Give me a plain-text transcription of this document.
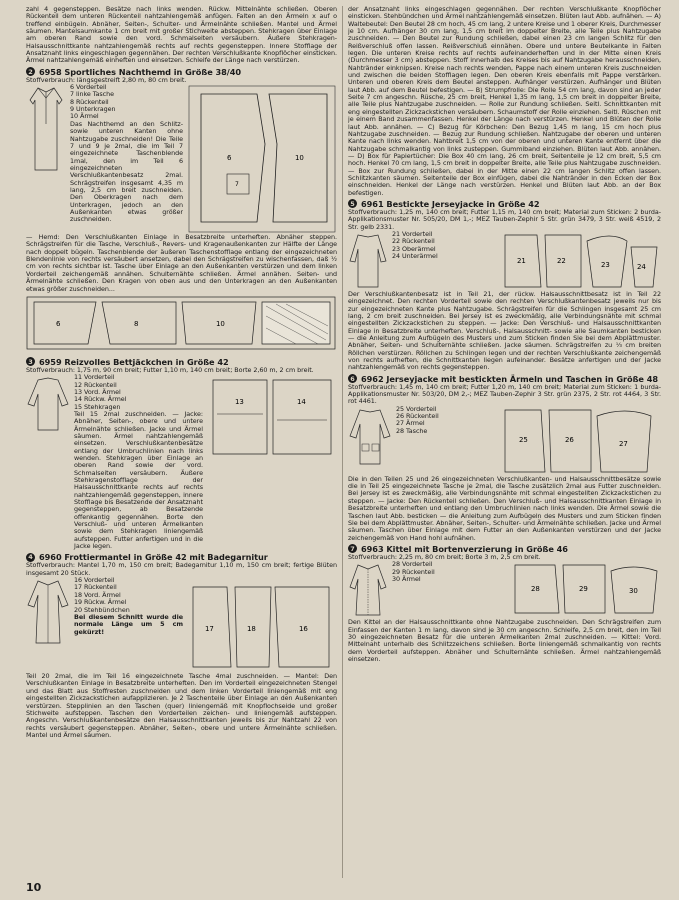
zahl 4 gegensteppen. Besätze nach links wenden. Rückw. Mittelnähte schließen. Oberen Rückenteil dem unteren Rückenteil nahtzahlengemäß anfügen. Falten an den Ärmeln x auf o treffend einbügeln. Abnäher, Seiten-, Schulter- und Ärmelnähte schließen. Mantel und Ärmel säumen. Mantelsaumkante 1 cm breit mit großer Stichweite absteppen. Stehkragen über Einlage am oberen Rand sowie den vord. Schmalseiten versäubern. Äußere Stehkragen-Halsausschnittkante nahtzahlengemäß rechts auf rechts gegensteppen. Innere Stofflage der Ansatznaht links eingeschlagen gegennähen. Der rechten Verschlußkante Knopflöcher einsticken. Ärmel nahtzahlengemäß einheften und einsetzen. Schleife der Länge nach verstürzen.

2 6958 Sportliches Nachthemd in Größe 38/40

Stoffverbrauch: längsgestreift 2,80 m, 80 cm breit.

6 Vorderteil
7 linke Tasche
8 Rückenteil
9 Unterkragen
10 Ärmel

Das Nachthemd an den Schlitz-sowie unteren Kanten ohne Nahtzugabe zuschneiden! Die Teile 7 und 9 je 2mal, die im Teil 7 eingezeichnete Taschenblende 1mal, den im Teil 6 eingezeichneten Verschlußkantenbesatz 2mal. Schrägstreifen insgesamt 4,35 m lang, 2,5 cm breit zuschneiden. Den Oberkragen nach dem Unterkragen, jedoch an den Außenkanten etwas größer zuschneiden.

6	10
7

— Hemd: Den Verschlußkanten Einlage in Besatzbreite unterheften. Abnäher steppen. Schrägstreifen für die Tasche, Verschluß-, Revers- und Kragenaußenkanten zur Hälfte der Länge nach doppelt bügeln. Taschenblende der äußeren Taschenstofflage entlang der eingezeichneten Blendenlinie von rechts versäubert ansetzen, dabei den Schrägstreifen zu wischenfassen, daß ½ cm von rechts sichtbar ist. Tasche über Einlage an den Außenkanten verstürzen und dem linken Vorderteil zeichengemäß annähen. Schulternähte schließen. Ärmel annähen. Seiten- und Ärmelnähte schließen. Den Kragen von oben aus und den Unterkragen an den Außenkanten etwas größer zuschneiden...

6	8	10
3 6959 Reizvolles Bettjäckchen in Größe 42

Stoffverbrauch: 1,75 m, 90 cm breit; Futter 1,10 m, 140 cm breit; Borte 2,60 m, 2 cm breit.

11 Vorderteil
12 Rückenteil
13 Vord. Ärmel
14 Rückw. Ärmel
15 Stehkragen

Teil 15 2mal zuschneiden. — Jacke: Abnäher, Seiten-, obere und untere Ärmelnähte schließen. Jacke und Ärmel säumen. Ärmel nahtzahlengemäß einsetzen. Verschlußkantenbesätze entlang der Umbruchlinien nach links wenden. Stehkragen über Einlage an oberen Rand sowie der vord. Schmalseiten versäubern. Äußere Stehkragenstofflage der Halsausschnittkante rechts auf rechts nahtzahlengemäß gegensteppen, innere Stofflage bis Besatzende der Ansatznaht gegensteppen, ab Besatzende offenkantig gegennähen. Borte den Verschluß- und unteren Ärmelkanten sowie dem Stehkragen liniengemäß aufsteppen. Futter anfertigen und in die Jacke legen.

13	14
4 6960 Frottiermantel in Größe 42 mit Badegarnitur

Stoffverbrauch: Mantel 1,70 m, 150 cm breit; Badegarnitur 1,10 m, 150 cm breit; fertige Blüten insgesamt 20 Stück.

16 Vorderteil
17 Rückenteil
18 Vord. Ärmel
19 Rückw. Ärmel
20 Stehbündchen

Bei diesem Schnitt wurde die normale Länge um 5 cm gekürzt!	17	18	16

Teil 20 2mal, die im Teil 16 eingezeichnete Tasche 4mal zuschneiden. — Mantel: Den Verschlußkanten Einlage in Besatzbreite unterheften. Den im Vorderteil eingezeichneten Stengel und das Blatt aus Stoffresten zuschneiden und dem linken Vorderteil liniengemäß mit eng eingestellten Zickzackstichen aufapplizieren. Je 2 Taschenteile über Einlage an den Außenkanten verstürzen. Stepplinien an den Taschen (quer) liniengemäß mit Knopflochseide und großer Stichweite aufsteppen. Taschen den Vorderteilen zeichen- und liniengemäß aufsteppen. Angeschn. Verschlußkantenbesätze den Halsausschnittkanten jeweils bis zur Nahtzahl 22 von rechts versäubert gegensteppen. Abnäher, Seiten-, obere und untere Ärmelnähte schließen. Mantel und Ärmel säumen.

der Ansatznaht links eingeschlagen gegennähen. Der rechten Verschlußkante Knopflöcher einsticken. Stehbündchen und Ärmel nahtzahlengemäß einsetzen. Blüten laut Abb. aufnähen. — A) Waltebeutel: Den Beutel 28 cm hoch, 45 cm lang, 2 untere Kreise und 1 oberer Kreis, Durchmesser je 10 cm. Aufhänger 30 cm lang, 1,5 cm breit im doppelter Breite, alle Teile plus Nahtzugabe zuschneiden. — Den Beutel zur Rundung schließen, dabei einen 23 cm langen Schlitz für den Reißverschluß offen lassen. Reißverschluß einnähen. Obere und untere Beutelkante in Falten legen. Die unteren Kreise rechts auf rechts aufeinanderheften und in der Mitte einen Kreis (Durchmesser 3 cm) absteppen. Stoff innerhalb des Kreises bis auf Nahtzugabe herausschneiden, Nahtränder einknipsen. Kreise nach rechts wenden, Pappe nach einem unteren Kreis zuschneiden und zwischen die beiden Stofflagen legen. Den oberen Kreis ebenfalls mit Pappe verstärken. Unteren und oberen Kreis dem Beutel ansteppen. Aufhänger verstürzen. Aufhänger und Blüten laut Abb. auf dem Beutel befestigen. — B) Strumpfrolle: Die Rolle 54 cm lang, davon sind an jeder Seite 7 cm angeschn. Rüsche, 25 cm breit, Henkel 1,35 m lang, 1,5 cm breit in doppelter Breite, alle Teile plus Nahtzugabe zuschneiden. — Rolle zur Rundung schließen. Seitl. Schnittkanten mit eng eingestellten Zickzackstichen versäubern. Schaumstoff der Rolle einziehen. Seitl. Rüschen mit je einem Band zusammenfassen. Henkel der Länge nach verstürzen. Henkel und Blüten der Rolle laut Abb. annähen. — C) Bezug für Körbchen: Den Bezug 1,45 m lang, 15 cm hoch plus Nahtzugabe zuschneiden. — Bezug zur Rundung schließen. Nahtzugabe der oberen und unteren Kante nach links wenden. Nahtbreit 1,5 cm von der oberen und unteren Kante entfernt über die Nahtzugabe schmalkantig von links zusteppen. Gummiband einziehen. Blüten laut Abb. annähen. — D) Box für Papiertücher: Die Box 40 cm lang, 26 cm breit, Seitenteile je 12 cm breit, 5,5 cm hoch. Henkel 70 cm lang, 1,5 cm breit in doppelter Breite, alle Teile plus Nahtzugabe zuschneiden. — Box zur Rundung schließen, dabei in der Mitte einen 22 cm langen Schlitz offen lassen. Schlitzkanten säumen. Seitenteile der Box einfügen, dabei die Nahtränder in den Ecken der Box einschneiden. Henkel der Länge nach verstürzen. Henkel und Blüten laut Abb. an der Box befestigen.

5 6961 Bestickte Jerseyjacke in Größe 42

Stoffverbrauch: 1,25 m, 140 cm breit; Futter 1,15 m, 140 cm breit; Material zum Sticken: 2 burda-Applikationsmuster Nr. 505/20, DM 1,-; MEZ Tauben-Zephir 5 Str. grün 3479, 3 Str. weiß 4519, 2 Str. gelb 2331.

21 Vorderteil
22 Rückenteil
23 Oberärmel
24 Unterärmel
21	22	23	24

Der Verschlußkantenbesatz ist in Teil 21, der rückw. Halsausschnittbesatz ist in Teil 22 eingezeichnet. Den rechten Vorderteil sowie den rechten Verschlußkantenbesatz jeweils nur bis zur eingezeichneten Kante plus Nahtzugabe. Schrägstreifen für die Schlingen insgesamt 25 cm lang, 2 cm breit zuschneiden. Bei Jersey ist es zweckmäßig, alle Verbindungsnähte mit schmal eingestellten Zickzackstichen zu steppen. — Jacke: Den Verschluß- und Halsausschnittkanten Einlage in Besatzbreite unterheften. Verschluß-, Halsausschnitt- sowie alle Saumkanten besticken — die Anleitung zum Aufbügeln des Musters und zum Sticken finden Sie bei dem Abplättmuster. Abnäher, Seiten- und Schulternähte schließen. Jacke säumen. Schrägstreifen zu ⅓ cm breiten Röllchen verstürzen. Röllchen zu Schlingen legen und der rechten Verschlußkante zeichengemäß von rechts aufheften, die Schnittkanten liegen aufeinander. Besätze anfertigen und der Jacke nahtzahlengemäß von rechts gegensteppen.

6 6962 Jerseyjacke mit bestickten Ärmeln und Taschen in Größe 48

Stoffverbrauch: 1,45 m, 140 cm breit; Futter 1,20 m, 140 cm breit; Material zum Sticken: 1 burda-Applikationsmuster Nr. 503/20, DM 2,-; MEZ Tauben-Zephir 3 Str. grün 2375, 2 Str. rot 4464, 3 Str. rot 4461.

25 Vorderteil
26 Rückenteil
27 Ärmel
28 Tasche
25	26	27

Die in den Teilen 25 und 26 eingezeichneten Verschlußkanten- und Halsausschnittbesätze sowie die in Teil 25 eingezeichnete Tasche je 2mal, die Tasche zusätzlich 2mal aus Futter zuschneiden. Bei Jersey ist es zweckmäßig, alle Verbindungsnähte mit schmal eingestellten Zickzackstichen zu steppen. — Jacke: Den Rückenteil schließen. Den Verschluß- und Halsausschnittkanten Einlage in Besatzbreite unterheften und entlang den Umbruchlinien nach links wenden. Die Ärmel sowie die Taschen laut Abb. besticken — die Anleitung zum Aufbügeln des Musters und zum Sticken finden Sie bei dem Abplättmuster. Abnäher, Seiten-, Schulter- und Ärmelnähte schließen. Jacke und Ärmel säumen. Taschen über Einlage mit dem Futter an den Außenkanten verstürzen und der Jacke zeichengemäß von Hand hohl aufnähen.

7 6963 Kittel mit Bortenverzierung in Größe 46

Stoffverbrauch: 2,25 m, 80 cm breit; Borte 3 m, 2,5 cm breit.

28 Vorderteil
29 Rückenteil
30 Ärmel
28	29	30

Den Kittel an der Halsausschnittkante ohne Nahtzugabe zuschneiden. Den Schrägstreifen zum Einfassen der Kanten 1 m lang, davon sind je 30 cm angeschn. Schleife, 2,5 cm breit, den im Teil 30 eingezeichneten Besatz für die unteren Ärmelkanten 2mal zuschneiden. — Kittel: Vord. Mittelnaht unterhalb des Schlitzzeichens schließen. Borte liniengemäß schmalkantig von rechts dem Vorderteil aufsteppen. Abnäher und Schulternähte schließen. Ärmel nahtzahlengemäß einsetzen.

10
